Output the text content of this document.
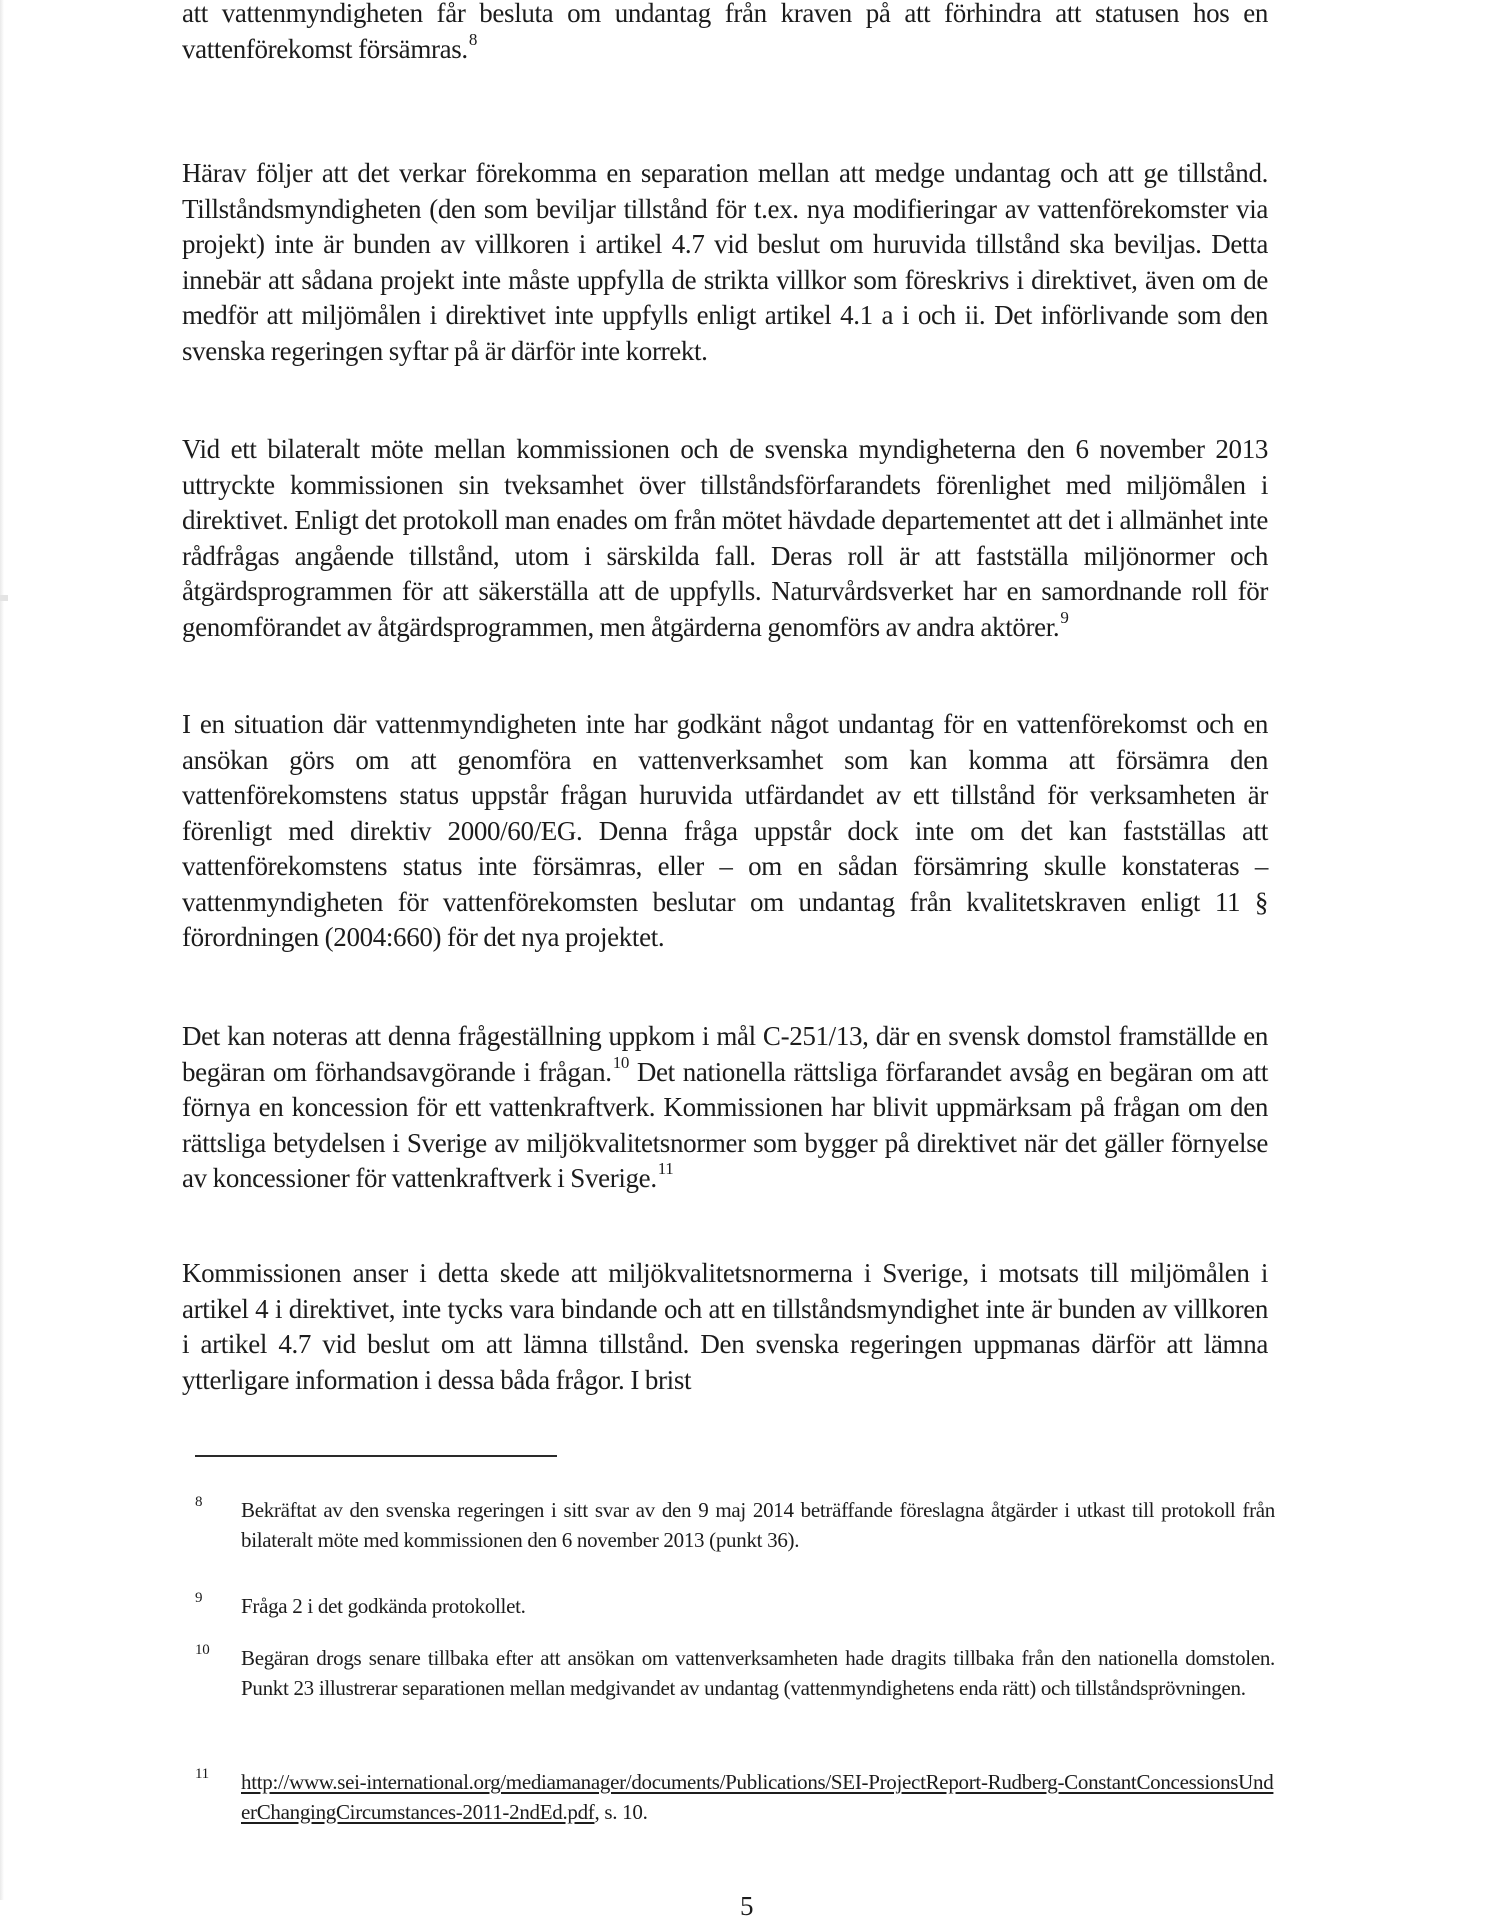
att vattenmyndigheten får besluta om undantag från kraven på att förhindra att statusen hos en vattenförekomst försämras.$^8$

Härav följer att det verkar förekomma en separation mellan att medge undantag och att ge tillstånd. Tillståndsmyndigheten (den som beviljar tillstånd för t.ex. nya modifieringar av vattenförekomster via projekt) inte är bunden av villkoren i artikel 4.7 vid beslut om huruvida tillstånd ska beviljas. Detta innebär att sådana projekt inte måste uppfylla de strikta villkor som föreskrivs i direktivet, även om de medför att miljömålen i direktivet inte uppfylls enligt artikel 4.1 a i och ii. Det införlivande som den svenska regeringen syftar på är därför inte korrekt.

Vid ett bilateralt möte mellan kommissionen och de svenska myndigheterna den 6 november 2013 uttryckte kommissionen sin tveksamhet över tillståndsförfarandets förenlighet med miljömålen i direktivet. Enligt det protokoll man enades om från mötet hävdade departementet att det i allmänhet inte rådfrågas angående tillstånd, utom i särskilda fall. Deras roll är att fastställa miljönormer och åtgärdsprogrammen för att säkerställa att de uppfylls. Naturvårdsverket har en samordnande roll för genomförandet av åtgärdsprogrammen, men åtgärderna genomförs av andra aktörer.$^9$

I en situation där vattenmyndigheten inte har godkänt något undantag för en vattenförekomst och en ansökan görs om att genomföra en vattenverksamhet som kan komma att försämra den vattenförekomstens status uppstår frågan huruvida utfärdandet av ett tillstånd för verksamheten är förenligt med direktiv 2000/60/EG. Denna fråga uppstår dock inte om det kan fastställas att vattenförekomstens status inte försämras, eller – om en sådan försämring skulle konstateras – vattenmyndigheten för vattenförekomsten beslutar om undantag från kvalitetskraven enligt 11 § förordningen (2004:660) för det nya projektet.

Det kan noteras att denna frågeställning uppkom i mål C-251/13, där en svensk domstol framställde en begäran om förhandsavgörande i frågan.$^{10}$ Det nationella rättsliga förfarandet avsåg en begäran om att förnya en koncession för ett vattenkraftverk. Kommissionen har blivit uppmärksam på frågan om den rättsliga betydelsen i Sverige av miljökvalitetsnormer som bygger på direktivet när det gäller förnyelse av koncessioner för vattenkraftverk i Sverige.$^{11}$

Kommissionen anser i detta skede att miljökvalitetsnormerna i Sverige, i motsats till miljömålen i artikel 4 i direktivet, inte tycks vara bindande och att en tillståndsmyndighet inte är bunden av villkoren i artikel 4.7 vid beslut om att lämna tillstånd. Den svenska regeringen uppmanas därför att lämna ytterligare information i dessa båda frågor. I brist

8	Bekräftat av den svenska regeringen i sitt svar av den 9 maj 2014 beträffande föreslagna åtgärder i utkast till protokoll från bilateralt möte med kommissionen den 6 november 2013 (punkt 36).
9	Fråga 2 i det godkända protokollet.
10	Begäran drogs senare tillbaka efter att ansökan om vattenverksamheten hade dragits tillbaka från den nationella domstolen. Punkt 23 illustrerar separationen mellan medgivandet av undantag (vattenmyndighetens enda rätt) och tillståndsprövningen.
11	http://www.sei-international.org/mediamanager/documents/Publications/SEI-ProjectReport-Rudberg-ConstantConcessionsUnderChangingCircumstances-2011-2ndEd.pdf, s. 10.
5
